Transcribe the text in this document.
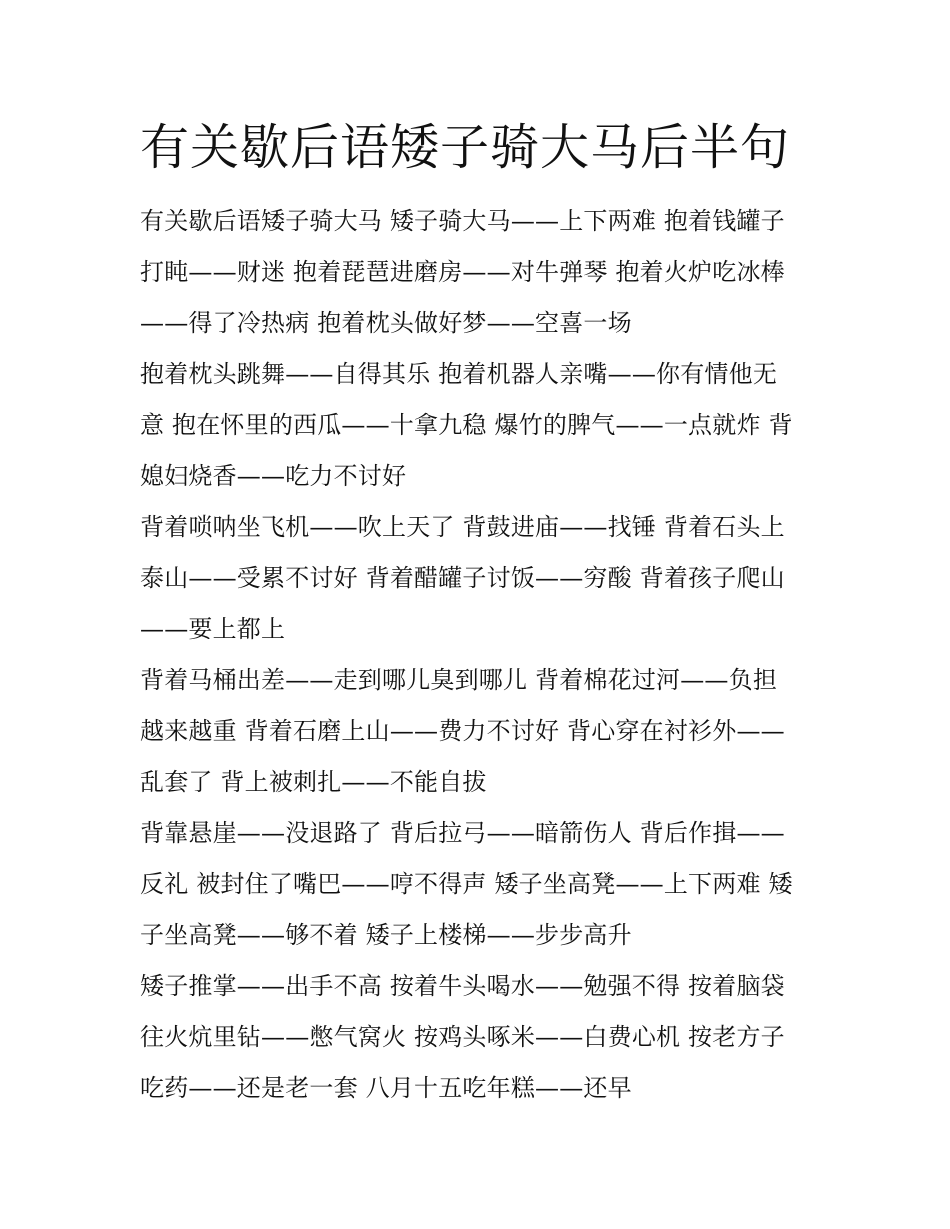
有关歇后语矮子骑大马后半句
有关歇后语矮子骑大马 矮子骑大马——上下两难 抱着钱罐子
打盹——财迷 抱着琵琶进磨房——对牛弹琴 抱着火炉吃冰棒
——得了冷热病 抱着枕头做好梦——空喜一场
抱着枕头跳舞——自得其乐 抱着机器人亲嘴——你有情他无
意 抱在怀里的西瓜——十拿九稳 爆竹的脾气——一点就炸 背
媳妇烧香——吃力不讨好
背着唢呐坐飞机——吹上天了 背鼓进庙——找锤 背着石头上
泰山——受累不讨好 背着醋罐子讨饭——穷酸 背着孩子爬山
——要上都上
背着马桶出差——走到哪儿臭到哪儿 背着棉花过河——负担
越来越重 背着石磨上山——费力不讨好 背心穿在衬衫外——
乱套了 背上被刺扎——不能自拔
背靠悬崖——没退路了 背后拉弓——暗箭伤人 背后作揖——
反礼 被封住了嘴巴——哼不得声 矮子坐高凳——上下两难 矮
子坐高凳——够不着 矮子上楼梯——步步高升
矮子推掌——出手不高 按着牛头喝水——勉强不得 按着脑袋
往火炕里钻——憋气窝火 按鸡头啄米——白费心机 按老方子
吃药——还是老一套 八月十五吃年糕——还早
